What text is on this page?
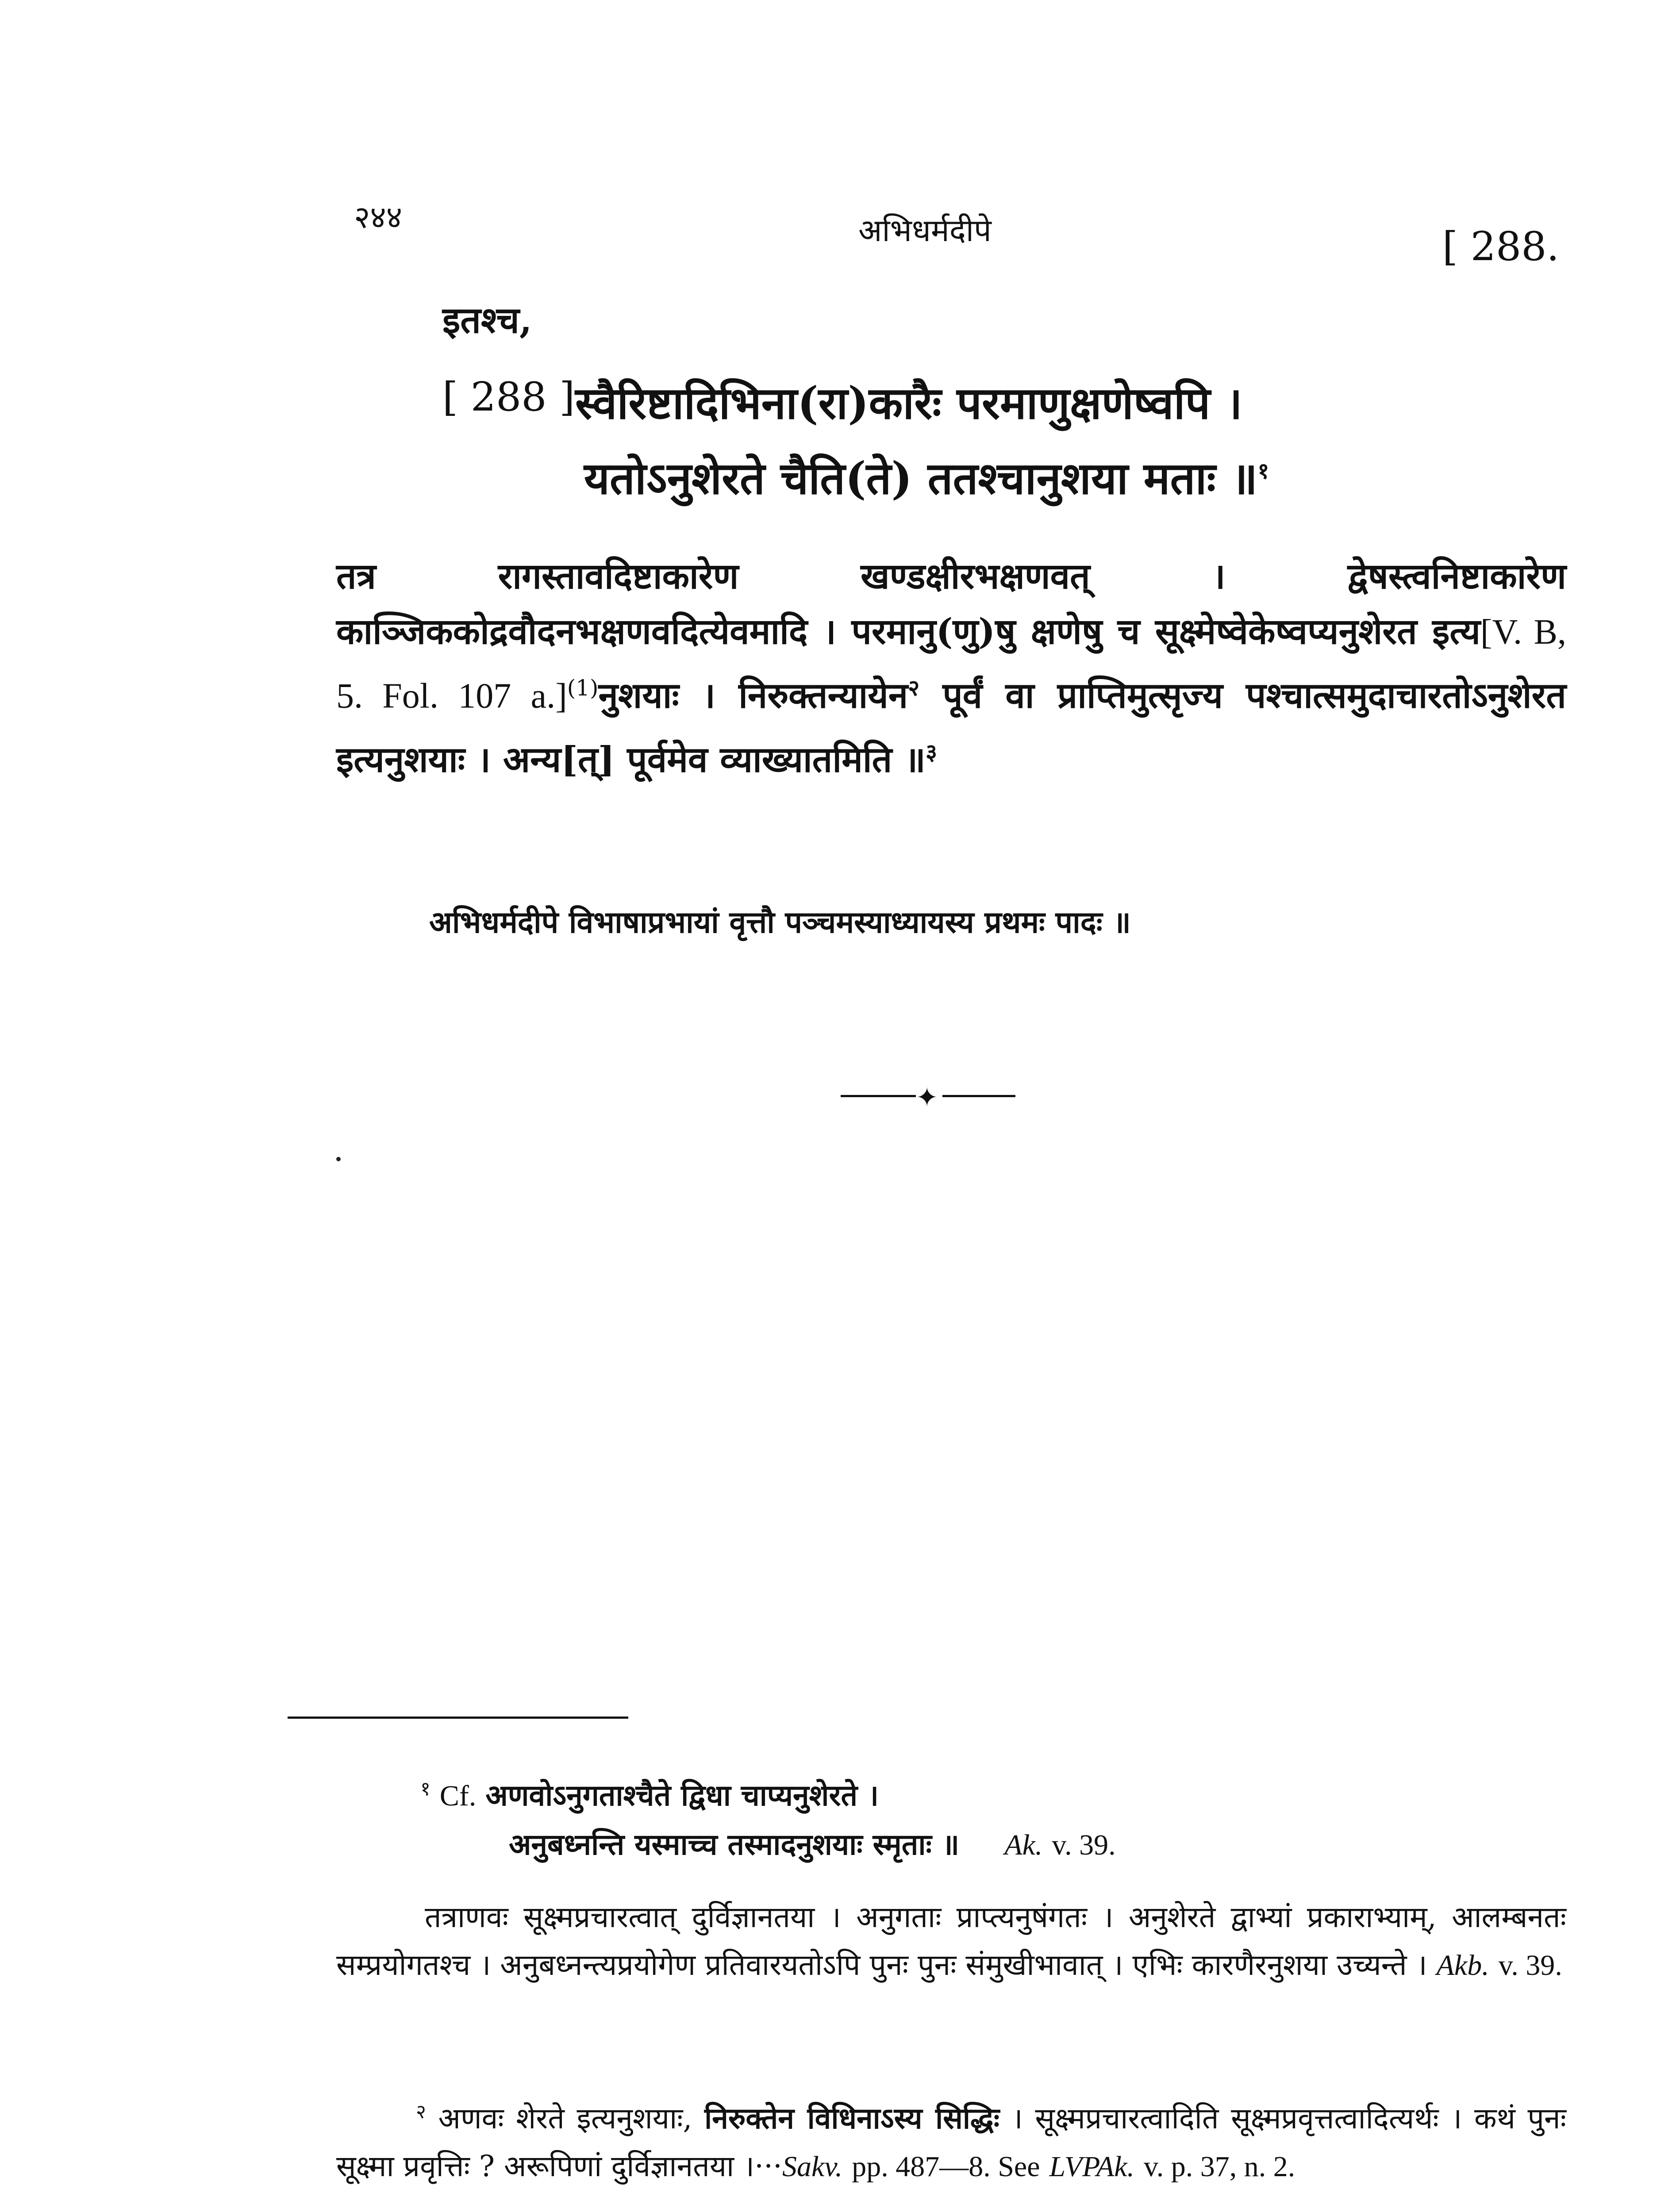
२४४	अभिधर्मदीपे	[ 288.
इतश्च,
[ 288 ] स्वैरिष्टादिभिना(रा)कारैः परमाणुक्षणेष्वपि ।
यतोऽनुशेरते चैति(ते) ततश्चानुशया मताः ॥$^१$
तत्र रागस्तावदिष्टाकारेण खण्डक्षीरभक्षणवत् । द्वेषस्त्वनिष्टाकारेण काञ्जिककोद्रवौदनभक्षणवदित्येवमादि । परमानु(णु)षु क्षणेषु च सूक्ष्मेष्वेकेष्वप्यनुशेरत इत्य[V. B, 5. Fol. 107 a.]$^{(1)}$नुशयाः । निरुक्तन्यायेन$^२$ पूर्वं वा प्राप्तिमुत्सृज्य पश्चात्समुदाचारतोऽनुशेरत इत्यनुशयाः । अन्य[त्] पूर्वमेव व्याख्यातमिति ॥$^३$
अभिधर्मदीपे विभाषाप्रभायां वृत्तौ पञ्चमस्याध्यायस्य प्रथमः पादः ॥
✦
$^१$ Cf. अणवोऽनुगताश्चैते द्विधा चाप्यनुशेरते ।
अनुबध्नन्ति यस्माच्च तस्मादनुशयाः स्मृताः ॥ Ak. v. 39.
तत्राणवः सूक्ष्मप्रचारत्वात् दुर्विज्ञानतया । अनुगताः प्राप्त्यनुषंगतः । अनुशेरते द्वाभ्यां प्रकाराभ्याम्, आलम्बनतः सम्प्रयोगतश्च । अनुबध्नन्त्यप्रयोगेण प्रतिवारयतोऽपि पुनः पुनः संमुखीभावात् । एभिः कारणैरनुशया उच्यन्ते । Akb. v. 39.
$^२$ अणवः शेरते इत्यनुशयाः, निरुक्तेन विधिनाऽस्य सिद्धिः । सूक्ष्मप्रचारत्वादिति सूक्ष्मप्रवृत्तत्वादित्यर्थः । कथं पुनः सूक्ष्मा प्रवृत्तिः ? अरूपिणां दुर्विज्ञानतया ।···Sakv. pp. 487—8. See LVPAk. v. p. 37, n. 2.
